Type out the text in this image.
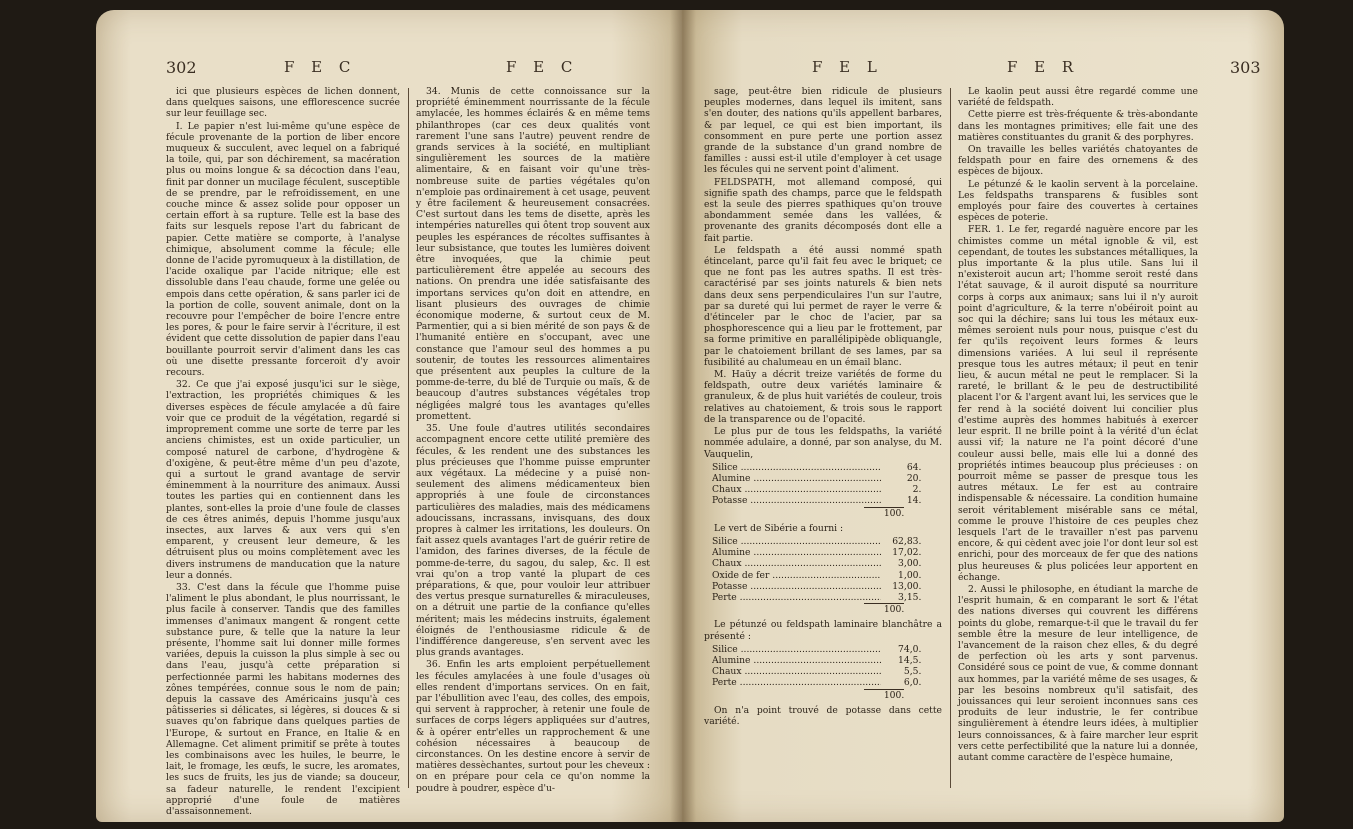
302	F E C	F E C

ici que plusieurs espèces de lichen donnent, dans quelques saisons, une efflorescence sucrée sur leur feuillage sec.

I. Le papier n'est lui-même qu'une espèce de fécule provenante de la portion de liber encore muqueux & succulent, avec lequel on a fabriqué la toile, qui, par son déchirement, sa macération plus ou moins longue & sa décoction dans l'eau, finit par donner un mucilage féculent, susceptible de se prendre, par le refroidissement, en une couche mince & assez solide pour opposer un certain effort à sa rupture. Telle est la base des faits sur lesquels repose l'art du fabricant de papier. Cette matière se comporte, à l'analyse chimique, absolument comme la fécule; elle donne de l'acide pyromuqueux à la distillation, de l'acide oxalique par l'acide nitrique; elle est dissoluble dans l'eau chaude, forme une gelée ou empois dans cette opération, & sans parler ici de la portion de colle, souvent animale, dont on la recouvre pour l'empêcher de boire l'encre entre les pores, & pour le faire servir à l'écriture, il est évident que cette dissolution de papier dans l'eau bouillante pourroit servir d'aliment dans les cas où une disette pressante forceroit d'y avoir recours.

32. Ce que j'ai exposé jusqu'ici sur le siège, l'extraction, les propriétés chimiques & les diverses espèces de fécule amylacée a dû faire voir que ce produit de la végétation, regardé si improprement comme une sorte de terre par les anciens chimistes, est un oxide particulier, un composé naturel de carbone, d'hydrogène & d'oxigène, & peut-être même d'un peu d'azote, qui a surtout le grand avantage de servir éminemment à la nourriture des animaux. Aussi toutes les parties qui en contiennent dans les plantes, sont-elles la proie d'une foule de classes de ces êtres animés, depuis l'homme jusqu'aux insectes, aux larves & aux vers qui s'en emparent, y creusent leur demeure, & les détruisent plus ou moins complètement avec les divers instrumens de manducation que la nature leur a donnés.

33. C'est dans la fécule que l'homme puise l'aliment le plus abondant, le plus nourrissant, le plus facile à conserver. Tandis que des familles immenses d'animaux mangent & rongent cette substance pure, & telle que la nature la leur présente, l'homme sait lui donner mille formes variées, depuis la cuisson la plus simple à sec ou dans l'eau, jusqu'à cette préparation si perfectionnée parmi les habitans modernes des zônes tempérées, connue sous le nom de pain; depuis la cassave des Américains jusqu'à ces pâtisseries si délicates, si légères, si douces & si suaves qu'on fabrique dans quelques parties de l'Europe, & surtout en France, en Italie & en Allemagne. Cet aliment primitif se prête à toutes les combinaisons avec les huiles, le beurre, le lait, le fromage, les œufs, le sucre, les aromates, les sucs de fruits, les jus de viande; sa douceur, sa fadeur naturelle, le rendent l'excipient approprié d'une foule de matières d'assaisonnement.

34. Munis de cette connoissance sur la propriété éminemment nourrissante de la fécule amylacée, les hommes éclairés & en même tems philanthropes (car ces deux qualités vont rarement l'une sans l'autre) peuvent rendre de grands services à la société, en multipliant singulièrement les sources de la matière alimentaire, & en faisant voir qu'une très-nombreuse suite de parties végétales qu'on n'emploie pas ordinairement à cet usage, peuvent y être facilement & heureusement consacrées. C'est surtout dans les tems de disette, après les intempéries naturelles qui ôtent trop souvent aux peuples les espérances de récoltes suffisantes à leur subsistance, que toutes les lumières doivent être invoquées, que la chimie peut particulièrement être appelée au secours des nations. On prendra une idée satisfaisante des importans services qu'on doit en attendre, en lisant plusieurs des ouvrages de chimie économique moderne, & surtout ceux de M. Parmentier, qui a si bien mérité de son pays & de l'humanité entière en s'occupant, avec une constance que l'amour seul des hommes a pu soutenir, de toutes les ressources alimentaires que présentent aux peuples la culture de la pomme-de-terre, du blé de Turquie ou maïs, & de beaucoup d'autres substances végétales trop négligées malgré tous les avantages qu'elles promettent.

35. Une foule d'autres utilités secondaires accompagnent encore cette utilité première des fécules, & les rendent une des substances les plus précieuses que l'homme puisse emprunter aux végétaux. La médecine y a puisé non-seulement des alimens médicamenteux bien appropriés à une foule de circonstances particulières des maladies, mais des médicamens adoucissans, incrassans, invisquans, des doux propres à calmer les irritations, les douleurs. On fait assez quels avantages l'art de guérir retire de l'amidon, des farines diverses, de la fécule de pomme-de-terre, du sagou, du salep, &c. Il est vrai qu'on a trop vanté la plupart de ces préparations, & que, pour vouloir leur attribuer des vertus presque surnaturelles & miraculeuses, on a détruit une partie de la confiance qu'elles méritent; mais les médecins instruits, également éloignés de l'enthousiasme ridicule & de l'indifférence dangereuse, s'en servent avec les plus grands avantages.

36. Enfin les arts emploient perpétuellement les fécules amylacées à une foule d'usages où elles rendent d'importans services. On en fait, par l'ébullition avec l'eau, des colles, des empois, qui servent à rapprocher, à retenir une foule de surfaces de corps légers appliquées sur d'autres, & à opérer entr'elles un rapprochement & une cohésion nécessaires à beaucoup de circonstances. On les destine encore à servir de matières dessèchantes, surtout pour les cheveux : on en prépare pour cela ce qu'on nomme la poudre à poudrer, espèce d'u-

F E L	F E R	303

sage, peut-être bien ridicule de plusieurs peuples modernes, dans lequel ils imitent, sans s'en douter, des nations qu'ils appellent barbares, & par lequel, ce qui est bien important, ils consomment en pure perte une portion assez grande de la substance d'un grand nombre de familles : aussi est-il utile d'employer à cet usage les fécules qui ne servent point d'aliment.

FELDSPATH, mot allemand composé, qui signifie spath des champs, parce que le feldspath est la seule des pierres spathiques qu'on trouve abondamment semée dans les vallées, & provenante des granits décomposés dont elle a fait partie.

Le feldspath a été aussi nommé spath étincelant, parce qu'il fait feu avec le briquet; ce que ne font pas les autres spaths. Il est très-caractérisé par ses joints naturels & bien nets dans deux sens perpendiculaires l'un sur l'autre, par sa dureté qui lui permet de rayer le verre & d'étinceler par le choc de l'acier, par sa phosphorescence qui a lieu par le frottement, par sa forme primitive en parallélipipède obliquangle, par le chatoiement brillant de ses lames, par sa fusibilité au chalumeau en un émail blanc.

M. Haüy a décrit treize variétés de forme du feldspath, outre deux variétés laminaire & granuleux, & de plus huit variétés de couleur, trois relatives au chatoiement, & trois sous le rapport de la transparence ou de l'opacité.

Le plus pur de tous les feldspaths, la variété nommée adulaire, a donné, par son analyse, du M. Vauquelin,

Silice .....	64.
Alumine .....	20.
Chaux .....	2.
Potasse .....	14.
100.

Le vert de Sibérie a fourni :

Silice .....	62,83.
Alumine .....	17,02.
Chaux .....	3,00.
Oxide de fer .....	1,00.
Potasse .....	13,00.
Perte .....	3,15.
100.

Le pétunzé ou feldspath laminaire blanchâtre a présenté :

Silice .....	74,0.
Alumine .....	14,5.
Chaux .....	5,5.
Perte .....	6,0.
100.

On n'a point trouvé de potasse dans cette variété.

Le kaolin peut aussi être regardé comme une variété de feldspath.

Cette pierre est très-fréquente & très-abondante dans les montagnes primitives; elle fait une des matières constituantes du granit & des porphyres.

On travaille les belles variétés chatoyantes de feldspath pour en faire des ornemens & des espèces de bijoux.

Le pétunzé & le kaolin servent à la porcelaine. Les feldspaths transparens & fusibles sont employés pour faire des couvertes à certaines espèces de poterie.

FER. 1. Le fer, regardé naguère encore par les chimistes comme un métal ignoble & vil, est cependant, de toutes les substances métalliques, la plus importante & la plus utile. Sans lui il n'existeroit aucun art; l'homme seroit resté dans l'état sauvage, & il auroit disputé sa nourriture corps à corps aux animaux; sans lui il n'y auroit point d'agriculture, & la terre n'obéiroit point au soc qui la déchire; sans lui tous les métaux eux-mêmes seroient nuls pour nous, puisque c'est du fer qu'ils reçoivent leurs formes & leurs dimensions variées. A lui seul il représente presque tous les autres métaux; il peut en tenir lieu, & aucun métal ne peut le remplacer. Si la rareté, le brillant & le peu de destructibilité placent l'or & l'argent avant lui, les services que le fer rend à la société doivent lui concilier plus d'estime auprès des hommes habitués à exercer leur esprit. Il ne brille point à la vérité d'un éclat aussi vif; la nature ne l'a point décoré d'une couleur aussi belle, mais elle lui a donné des propriétés intimes beaucoup plus précieuses : on pourroit même se passer de presque tous les autres métaux. Le fer est au contraire indispensable & nécessaire. La condition humaine seroit véritablement misérable sans ce métal, comme le prouve l'histoire de ces peuples chez lesquels l'art de le travailler n'est pas parvenu encore, & qui cèdent avec joie l'or dont leur sol est enrichi, pour des morceaux de fer que des nations plus heureuses & plus policées leur apportent en échange.

2. Aussi le philosophe, en étudiant la marche de l'esprit humain, & en comparant le sort & l'état des nations diverses qui couvrent les différens points du globe, remarque-t-il que le travail du fer semble être la mesure de leur intelligence, de l'avancement de la raison chez elles, & du degré de perfection où les arts y sont parvenus. Considéré sous ce point de vue, & comme donnant aux hommes, par la variété même de ses usages, & par les besoins nombreux qu'il satisfait, des jouissances qui leur seroient inconnues sans ces produits de leur industrie, le fer contribue singulièrement à étendre leurs idées, à multiplier leurs connoissances, & à faire marcher leur esprit vers cette perfectibilité que la nature lui a donnée, autant comme caractère de l'espèce humaine,
